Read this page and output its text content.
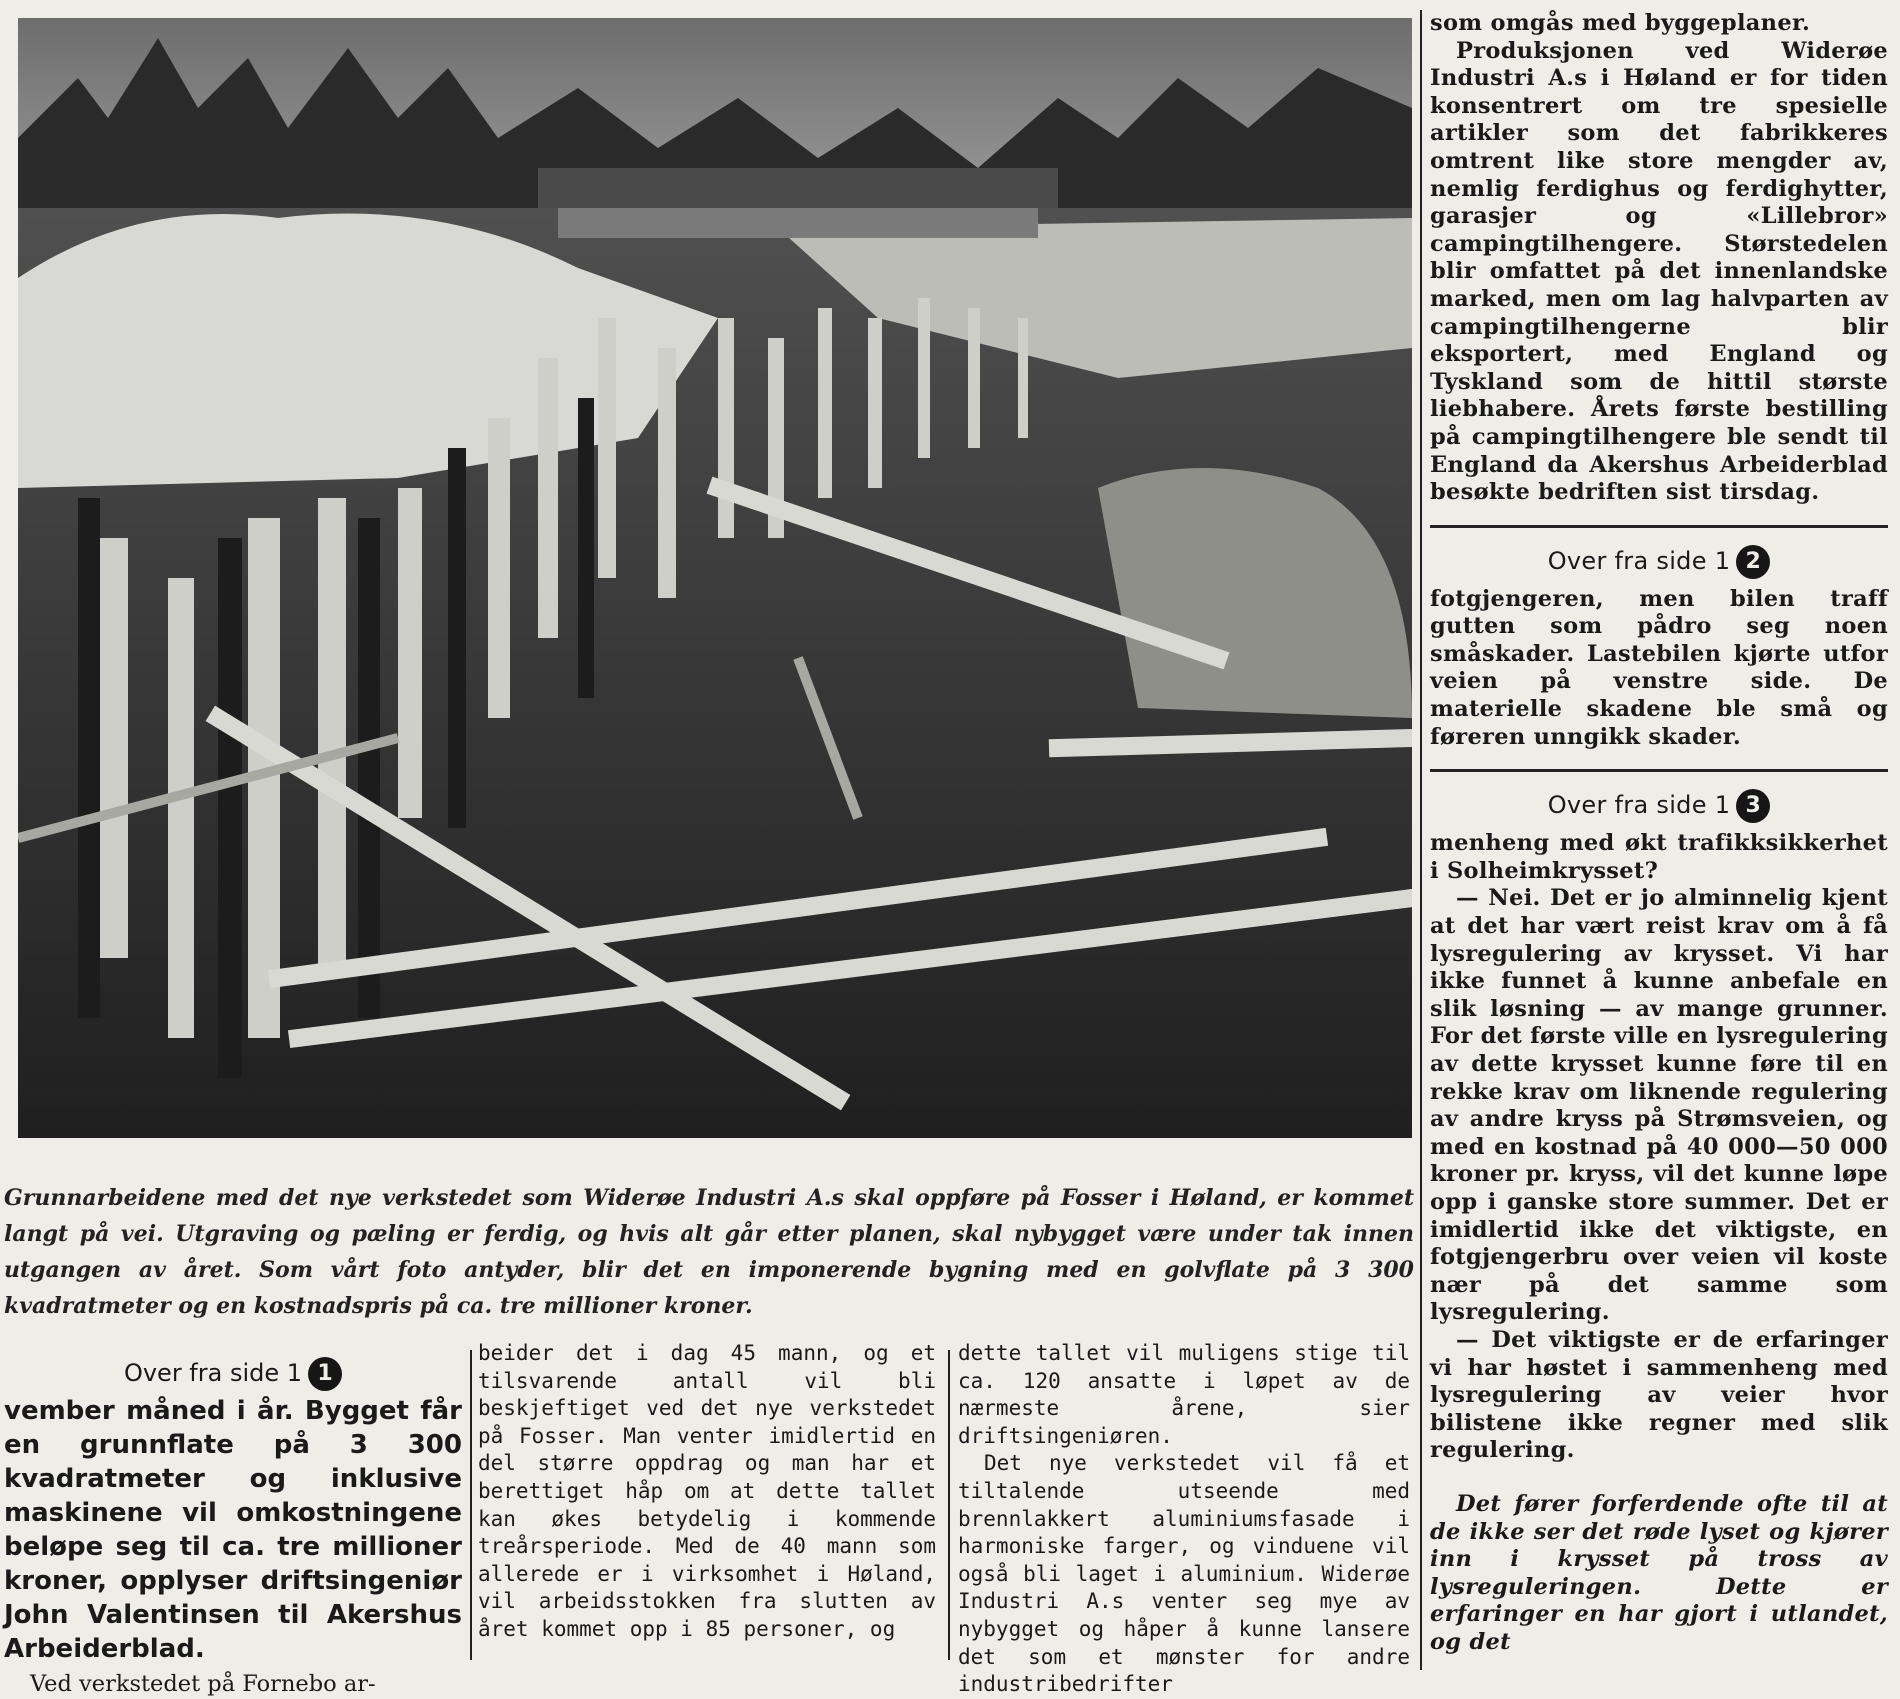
Grunnarbeidene med det nye verkstedet som Widerøe Industri A.s skal oppføre på Fosser i Høland, er kommet langt på vei. Utgraving og pæling er ferdig, og hvis alt går etter planen, skal nybygget være under tak innen utgangen av året. Som vårt foto antyder, blir det en imponerende bygning med en golvflate på 3 300 kvadratmeter og en kostnadspris på ca. tre millioner kroner.

som omgås med byggeplaner.

Produksjonen ved Widerøe Industri A.s i Høland er for tiden konsentrert om tre spesielle artikler som det fabrikkeres omtrent like store mengder av, nemlig ferdighus og ferdighytter, garasjer og «Lillebror» campingtilhengere. Størstedelen blir omfattet på det innenlandske marked, men om lag halvparten av campingtilhengerne blir eksportert, med England og Tyskland som de hittil største liebhabere. Årets første bestilling på campingtilhengere ble sendt til England da Akershus Arbeiderblad besøkte bedriften sist tirsdag.

Over fra side 1 2

fotgjengeren, men bilen traff gutten som pådro seg noen småskader. Lastebilen kjørte utfor veien på venstre side. De materielle skadene ble små og føreren unngikk skader.

Over fra side 1 3

menheng med økt trafikksikkerhet i Solheimkrysset?

— Nei. Det er jo alminnelig kjent at det har vært reist krav om å få lysregulering av krysset. Vi har ikke funnet å kunne anbefale en slik løsning — av mange grunner. For det første ville en lysregulering av dette krysset kunne føre til en rekke krav om liknende regulering av andre kryss på Strømsveien, og med en kostnad på 40 000—50 000 kroner pr. kryss, vil det kunne løpe opp i ganske store summer. Det er imidlertid ikke det viktigste, en fotgjengerbru over veien vil koste nær på det samme som lysregulering.

— Det viktigste er de erfaringer vi har høstet i sammenheng med lysregulering av veier hvor bilistene ikke regner med slik regulering.

Det fører forferdende ofte til at de ikke ser det røde lyset og kjører inn i krysset på tross av lysreguleringen. Dette er erfaringer en har gjort i utlandet, og det

Over fra side 1 1

vember måned i år. Bygget får en grunnflate på 3 300 kvadratmeter og inklusive maskinene vil omkostningene beløpe seg til ca. tre millioner kroner, opplyser driftsingeniør John Valentinsen til Akershus Arbeiderblad.

Ved verkstedet på Fornebo ar-

beider det i dag 45 mann, og et tilsvarende antall vil bli beskjeftiget ved det nye verkstedet på Fosser. Man venter imidlertid en del større oppdrag og man har et berettiget håp om at dette tallet kan økes betydelig i kommende treårsperiode. Med de 40 mann som allerede er i virksomhet i Høland, vil arbeidsstokken fra slutten av året kommet opp i 85 personer, og

dette tallet vil muligens stige til ca. 120 ansatte i løpet av de nærmeste årene, sier driftsingeniøren.

Det nye verkstedet vil få et tiltalende utseende med brennlakkert aluminiumsfasade i harmoniske farger, og vinduene vil også bli laget i aluminium. Widerøe Industri A.s venter seg mye av nybygget og håper å kunne lansere det som et mønster for andre industribedrifter
